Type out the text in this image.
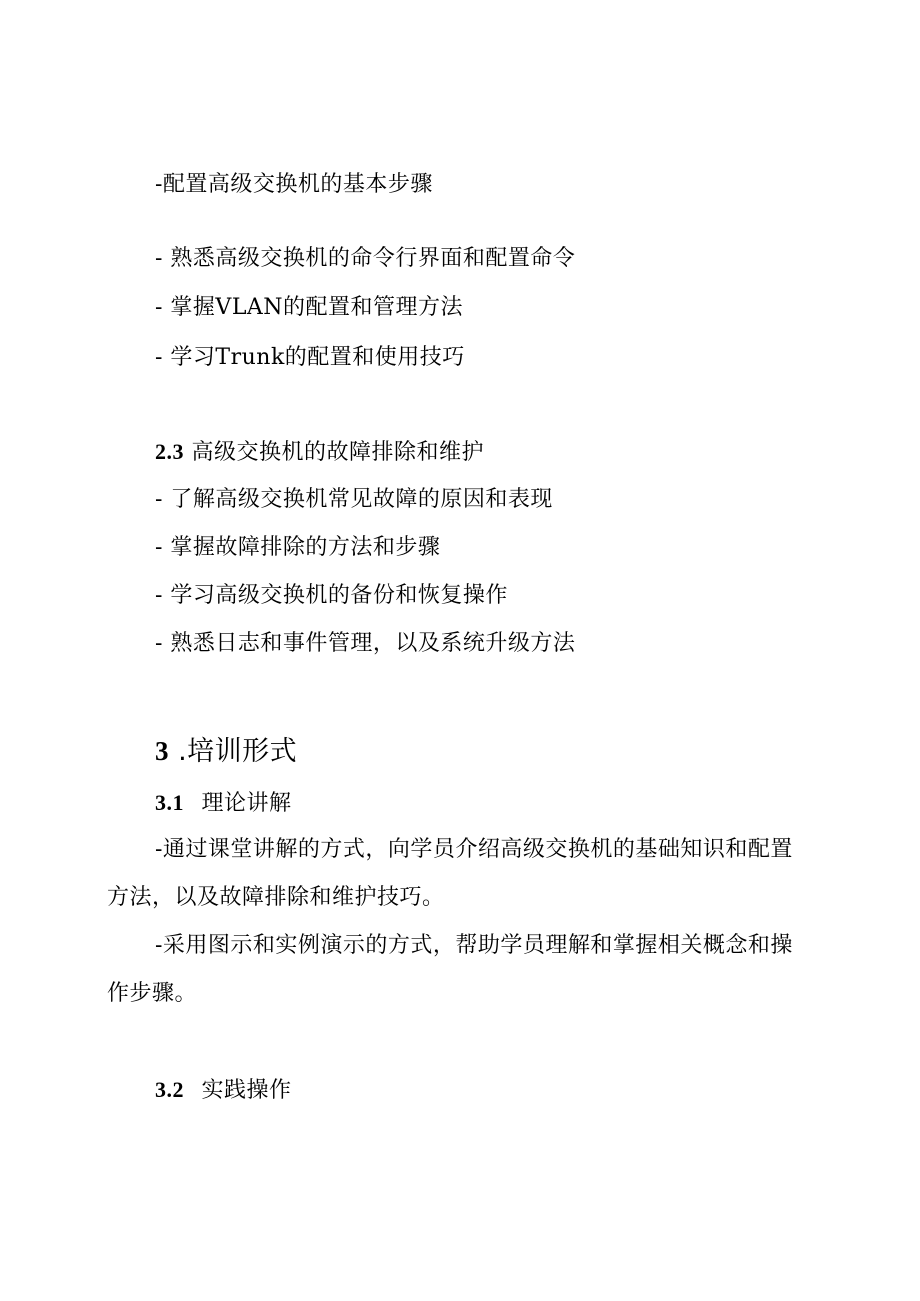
-配置高级交换机的基本步骤
- 熟悉高级交换机的命令行界面和配置命令
- 掌握VLAN的配置和管理方法
- 学习Trunk的配置和使用技巧
2.3 高级交换机的故障排除和维护
- 了解高级交换机常见故障的原因和表现
- 掌握故障排除的方法和步骤
- 学习高级交换机的备份和恢复操作
- 熟悉日志和事件管理，以及系统升级方法
3 .培训形式
3.1 理论讲解

-通过课堂讲解的方式，向学员介绍高级交换机的基础知识和配置方法，以及故障排除和维护技巧。

-采用图示和实例演示的方式，帮助学员理解和掌握相关概念和操作步骤。

3.2 实践操作
